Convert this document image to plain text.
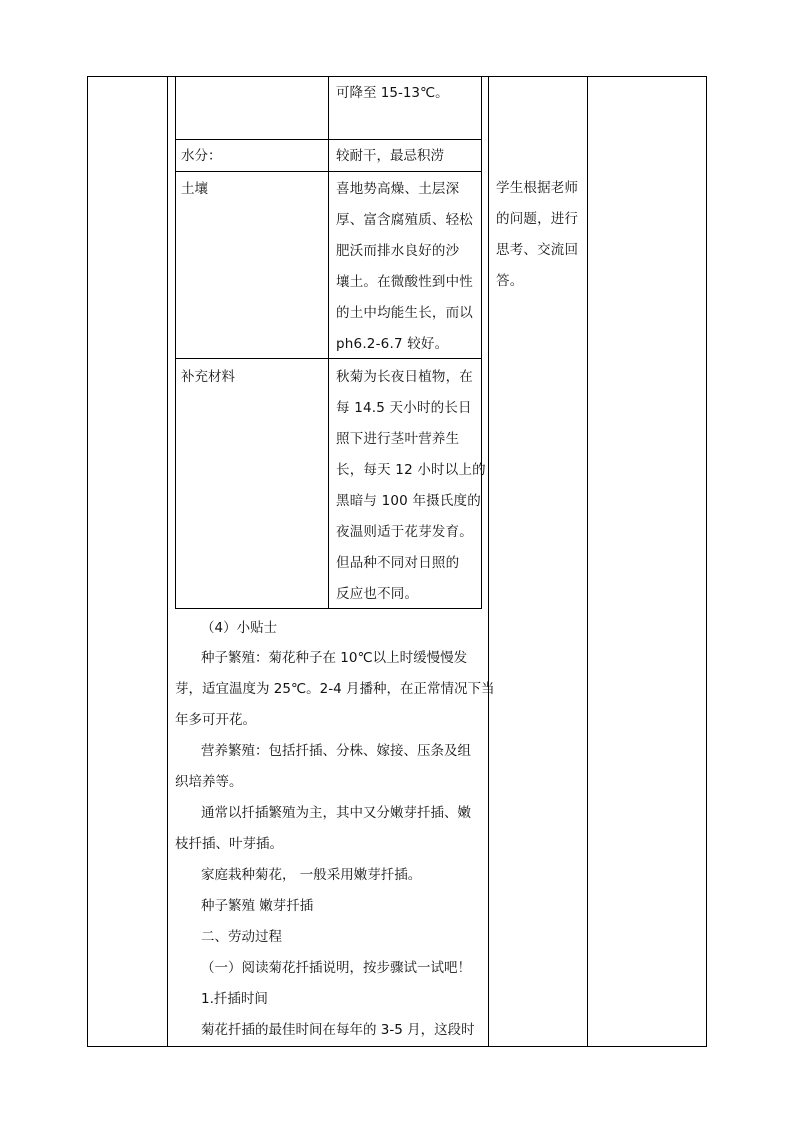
可降至 15-13℃。
水分：	较耐干，最忌积涝
土壤	喜地势高燥、土层深
厚、富含腐殖质、轻松
肥沃而排水良好的沙
壤土。在微酸性到中性
的土中均能生长，而以
ph6.2-6.7 较好。
补充材料	秋菊为长夜日植物，在
每 14.5 天小时的长日
照下进行茎叶营养生
长，每天 12 小时以上的
黑暗与 100 年摄氏度的
夜温则适于花芽发育。
但品种不同对日照的
反应也不同。
学生根据老师
的问题，进行
思考、交流回
答。
（4）小贴士
种子繁殖：菊花种子在 10℃以上时缓慢慢发
芽，适宜温度为 25℃。2-4 月播种，在正常情况下当
年多可开花。
营养繁殖：包括扦插、分株、嫁接、压条及组
织培养等。
通常以扦插繁殖为主，其中又分嫩芽扦插、嫩
枝扦插、叶芽插。
家庭栽种菊花， 一般采用嫩芽扦插。
种子繁殖 嫩芽扦插
二、劳动过程
（一）阅读菊花扦插说明，按步骤试一试吧！
1.扦插时间
菊花扦插的最佳时间在每年的 3-5 月，这段时
